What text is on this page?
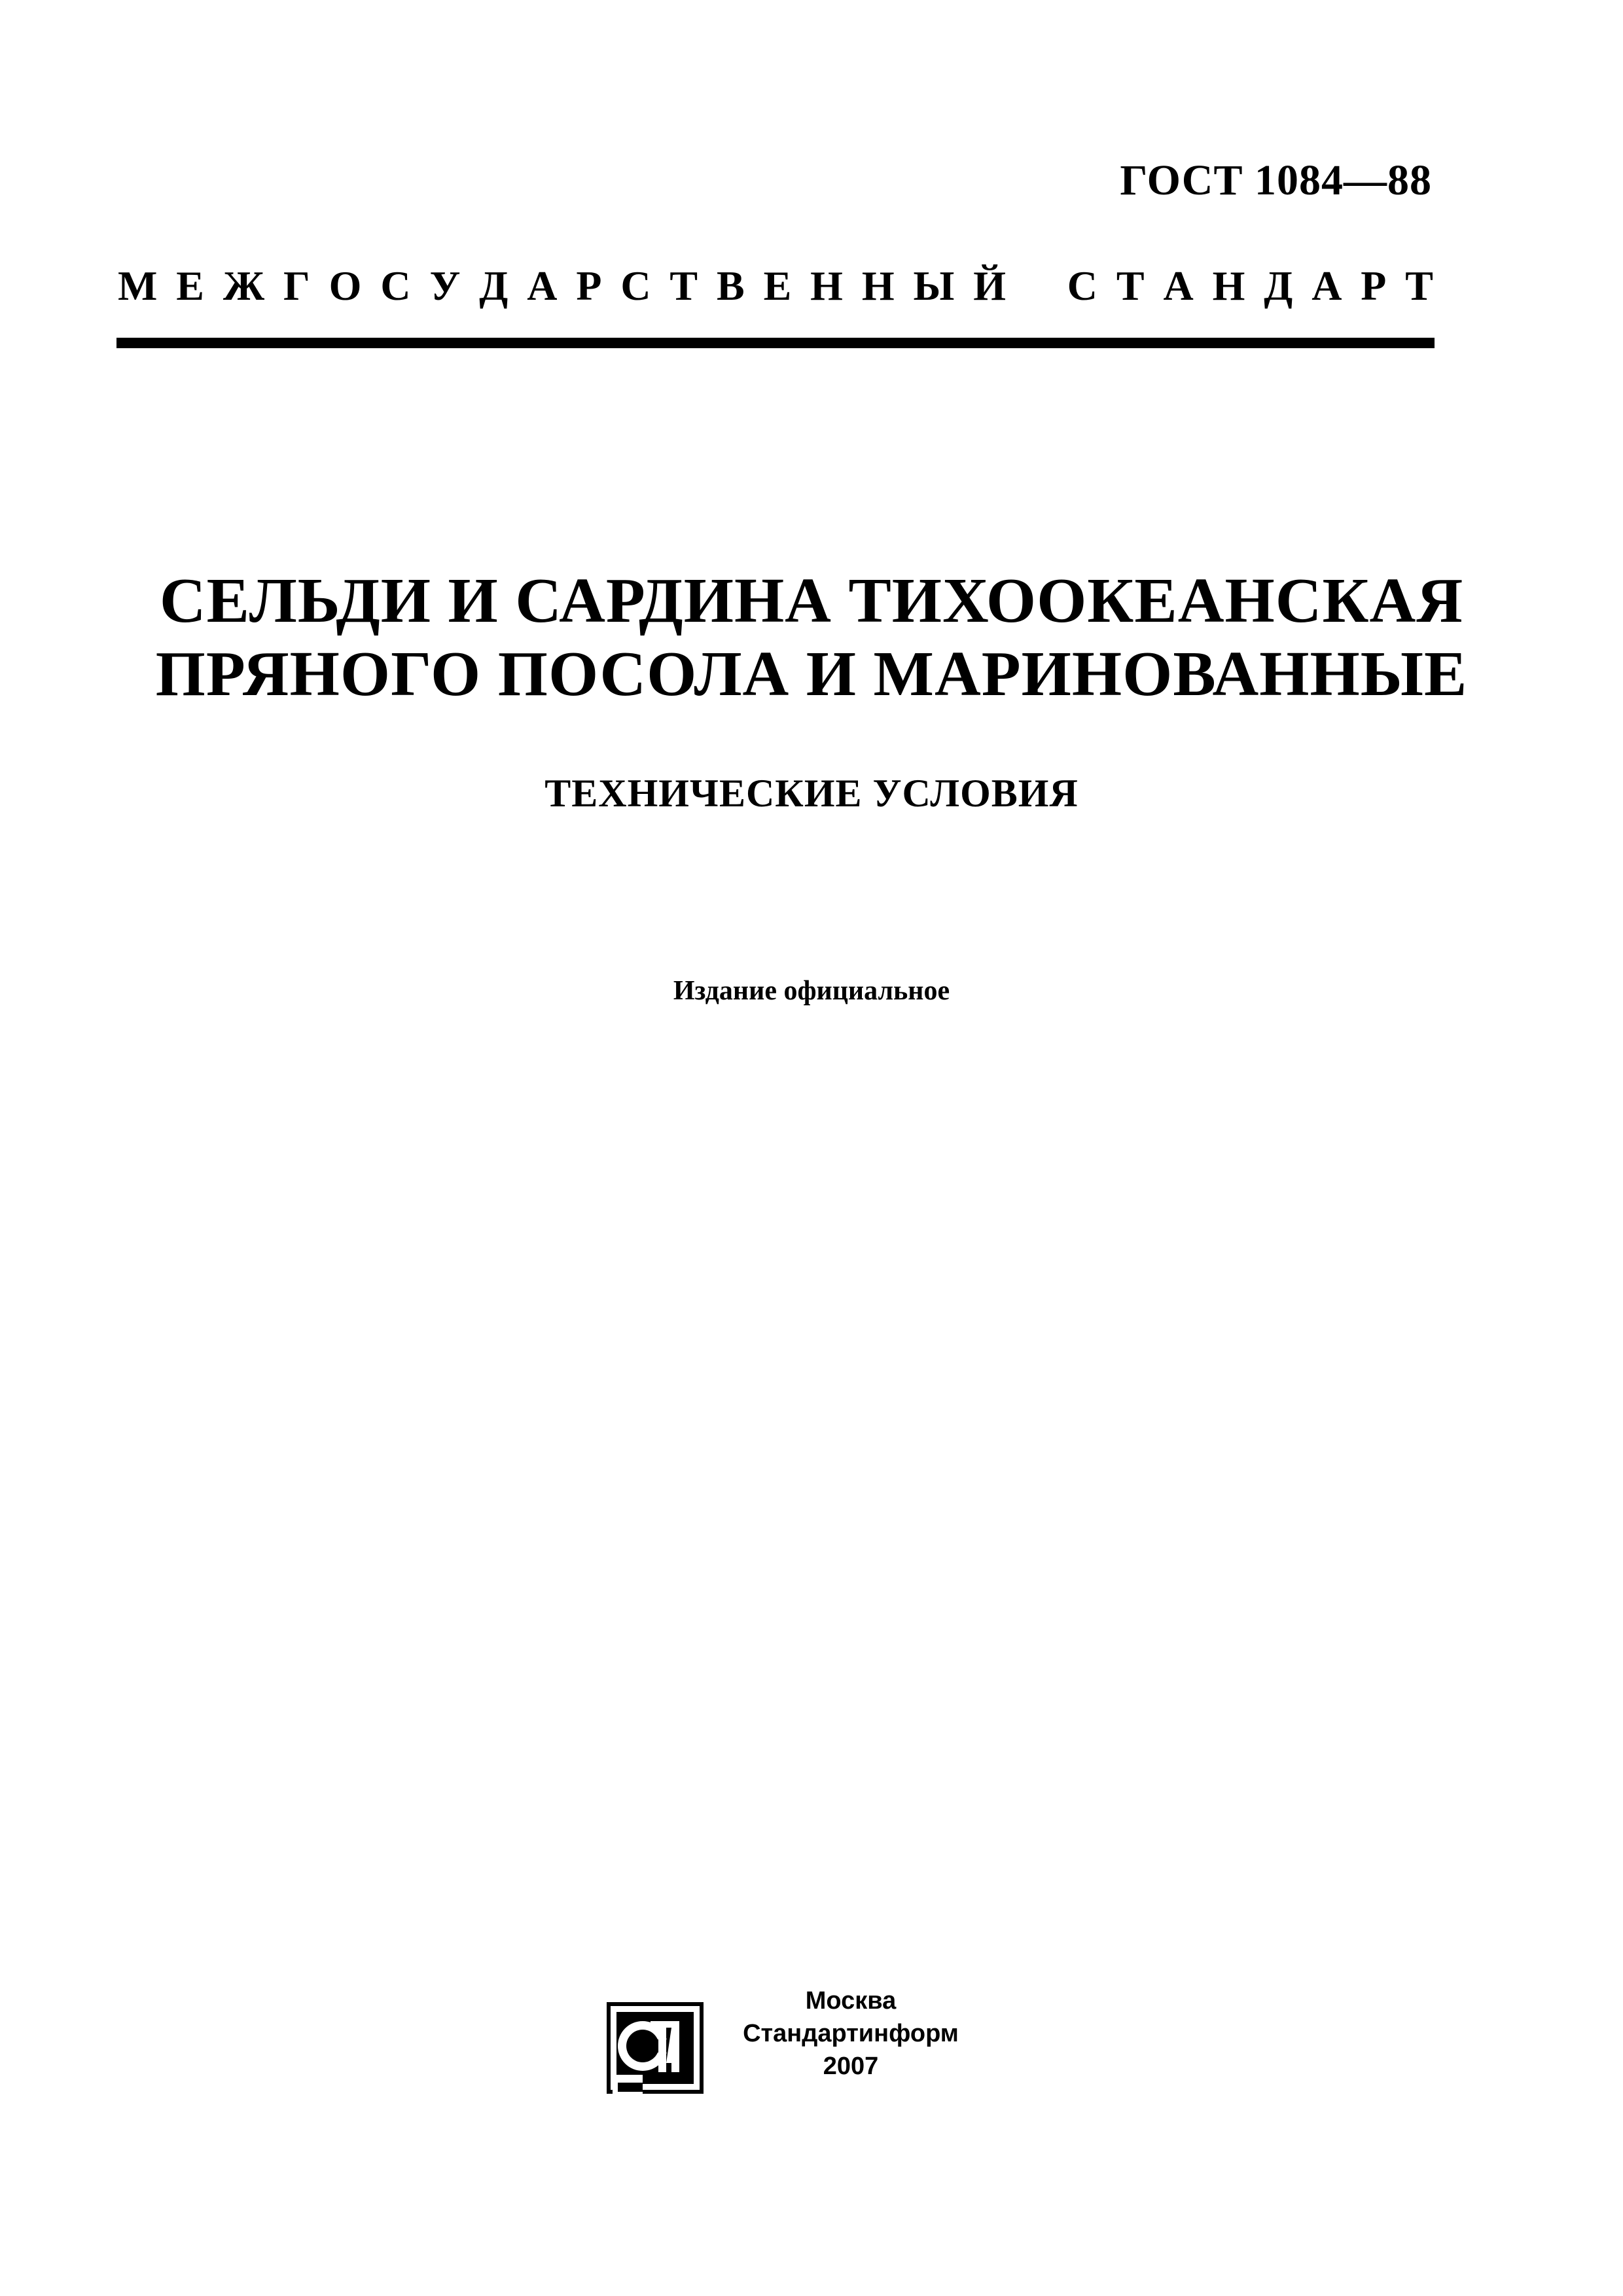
ГОСТ 1084—88
М Е Ж Г О С У Д А Р С Т В Е Н Н Ы Й С Т А Н Д А Р Т
СЕЛЬДИ И САРДИНА ТИХООКЕАНСКАЯ
ПРЯНОГО ПОСОЛА И МАРИНОВАННЫЕ
ТЕХНИЧЕСКИЕ УСЛОВИЯ
Издание официальное
Москва
Стандартинформ
2007
